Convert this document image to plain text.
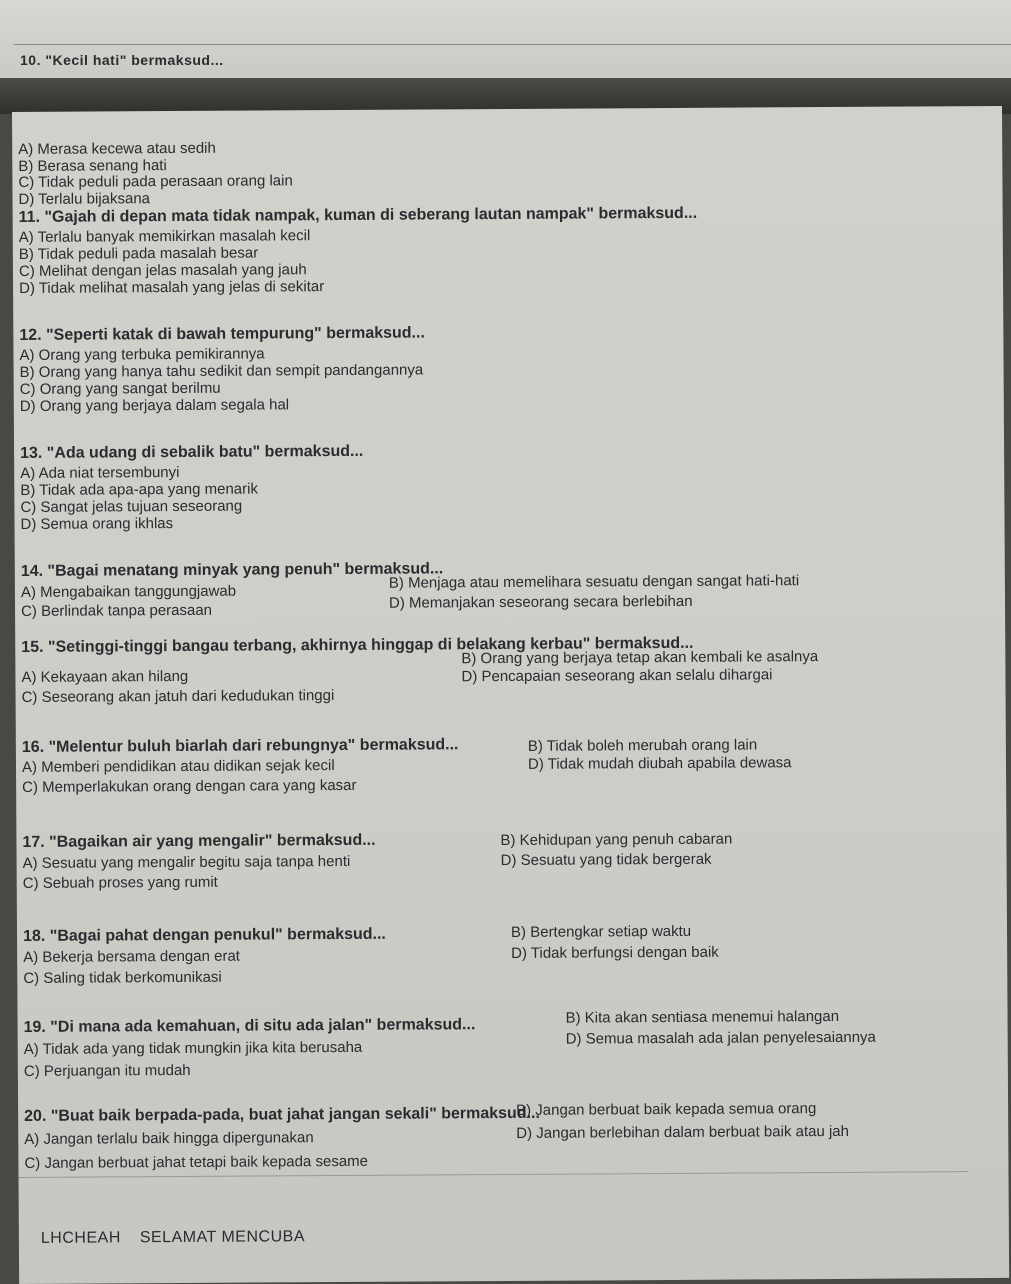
10. "Kecil hati" bermaksud...
A) Merasa kecewa atau sedih
B) Berasa senang hati
C) Tidak peduli pada perasaan orang lain
D) Terlalu bijaksana
11. "Gajah di depan mata tidak nampak, kuman di seberang lautan nampak" bermaksud...
A) Terlalu banyak memikirkan masalah kecil
B) Tidak peduli pada masalah besar
C) Melihat dengan jelas masalah yang jauh
D) Tidak melihat masalah yang jelas di sekitar
12. "Seperti katak di bawah tempurung" bermaksud...
A) Orang yang terbuka pemikirannya
B) Orang yang hanya tahu sedikit dan sempit pandangannya
C) Orang yang sangat berilmu
D) Orang yang berjaya dalam segala hal
13. "Ada udang di sebalik batu" bermaksud...
A) Ada niat tersembunyi
B) Tidak ada apa-apa yang menarik
C) Sangat jelas tujuan seseorang
D) Semua orang ikhlas
14. "Bagai menatang minyak yang penuh" bermaksud...
A) Mengabaikan tanggungjawab
B) Menjaga atau memelihara sesuatu dengan sangat hati-hati
C) Berlindak tanpa perasaan	D) Memanjakan seseorang secara berlebihan
15. "Setinggi-tinggi bangau terbang, akhirnya hinggap di belakang kerbau" bermaksud...
A) Kekayaan akan hilang
B) Orang yang berjaya tetap akan kembali ke asalnya
C) Seseorang akan jatuh dari kedudukan tinggi
D) Pencapaian seseorang akan selalu dihargai
16. "Melentur buluh biarlah dari rebungnya" bermaksud...
A) Memberi pendidikan atau didikan sejak kecil
B) Tidak boleh merubah orang lain
C) Memperlakukan orang dengan cara yang kasar
D) Tidak mudah diubah apabila dewasa
17. "Bagaikan air yang mengalir" bermaksud...
A) Sesuatu yang mengalir begitu saja tanpa henti
B) Kehidupan yang penuh cabaran
C) Sebuah proses yang rumit
D) Sesuatu yang tidak bergerak
18. "Bagai pahat dengan penukul" bermaksud...
A) Bekerja bersama dengan erat
B) Bertengkar setiap waktu
C) Saling tidak berkomunikasi
D) Tidak berfungsi dengan baik
19. "Di mana ada kemahuan, di situ ada jalan" bermaksud...
A) Tidak ada yang tidak mungkin jika kita berusaha
B) Kita akan sentiasa menemui halangan
C) Perjuangan itu mudah
D) Semua masalah ada jalan penyelesaiannya
20. "Buat baik berpada-pada, buat jahat jangan sekali" bermaksud...
A) Jangan terlalu baik hingga dipergunakan
B) Jangan berbuat baik kepada semua orang
C) Jangan berbuat jahat tetapi baik kepada sesame
D) Jangan berlebihan dalam berbuat baik atau jah
LHCHEAH SELAMAT MENCUBA
